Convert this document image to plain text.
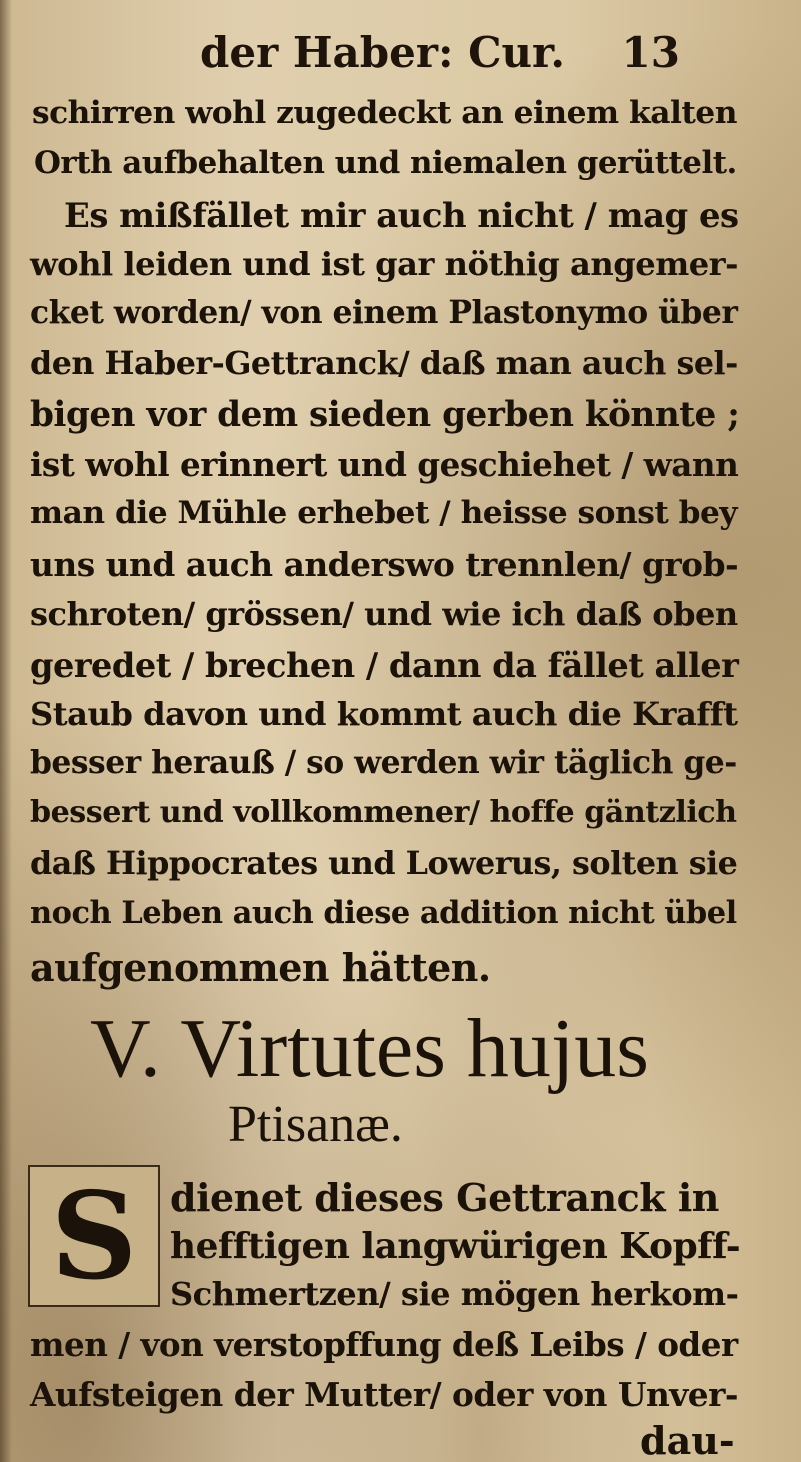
der Haber: Cur. 13
schirren wohl zugedeckt an einem kalten
Orth aufbehalten und niemalen gerüttelt.
Es mißfället mir auch nicht / mag es
wohl leiden und ist gar nöthig angemer-
cket worden/ von einem Plastonymo über
den Haber-Gettranck/ daß man auch sel-
bigen vor dem sieden gerben könnte ;
ist wohl erinnert und geschiehet / wann
man die Mühle erhebet / heisse sonst bey
uns und auch anderswo trennlen/ grob-
schroten/ grössen/ und wie ich daß oben
geredet / brechen / dann da fället aller
Staub davon und kommt auch die Krafft
besser herauß / so werden wir täglich ge-
bessert und vollkommener/ hoffe gäntzlich
daß Hippocrates und Lowerus, solten sie
noch Leben auch diese addition nicht übel
aufgenommen hätten.
V. Virtutes hujus
Ptisanæ.
S dienet dieses Gettranck in
hefftigen langwürigen Kopff-
Schmertzen/ sie mögen herkom-
men / von verstopffung deß Leibs / oder
Aufsteigen der Mutter/ oder von Unver-
dau-
